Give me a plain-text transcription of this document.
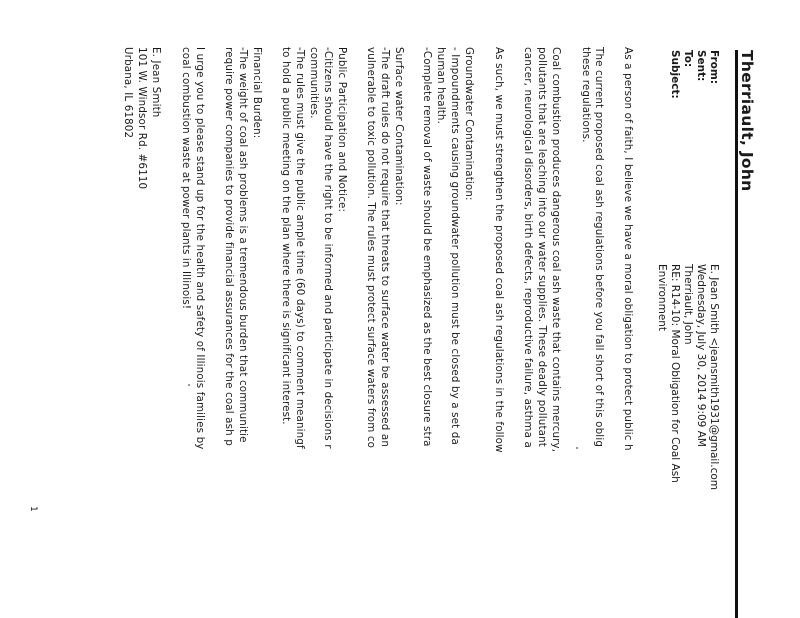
Therriault, John
From:
E. Jean Smith <jeansmith1931@gmail.com
Sent:
Wednesday, July 30, 2014 9:09 AM
To:
Therriault, John
Subject:
RE: R14-10: Moral Obligation for Coal Ash
Environment
As a person of faith, I believe we have a moral obligation to protect public h
The current proposed coal ash regulations before you fall short of this oblig
these regulations.
Coal combustion produces dangerous coal ash waste that contains mercury,
pollutants that are leaching into our water supplies. These deadly pollutant
cancer, neurological disorders, birth defects, reproductive failure, asthma a
As such, we must strengthen the proposed coal ash regulations in the follow
Groundwater Contamination:
- Impoundments causing groundwater pollution must be closed by a set da
human health.
-Complete removal of waste should be emphasized as the best closure stra
Surface water Contamination:
-The draft rules do not require that threats to surface water be assessed an
vulnerable to toxic pollution. The rules must protect surface waters from co
Public Participation and Notice:
-Citizens should have the right to be informed and participate in decisions r
communities.
-The rules must give the public ample time (60 days) to comment meaningf
to hold a public meeting on the plan where there is significant interest.
Financial Burden:
-The weight of coal ash problems is a tremendous burden that communitie
require power companies to provide financial assurances for the coal ash p
I urge you to please stand up for the health and safety of Illinois families by
coal combustion waste at power plants in Illinois!
E. Jean Smith
101 W. Windsor Rd. #6110
Urbana, IL 61802
1
